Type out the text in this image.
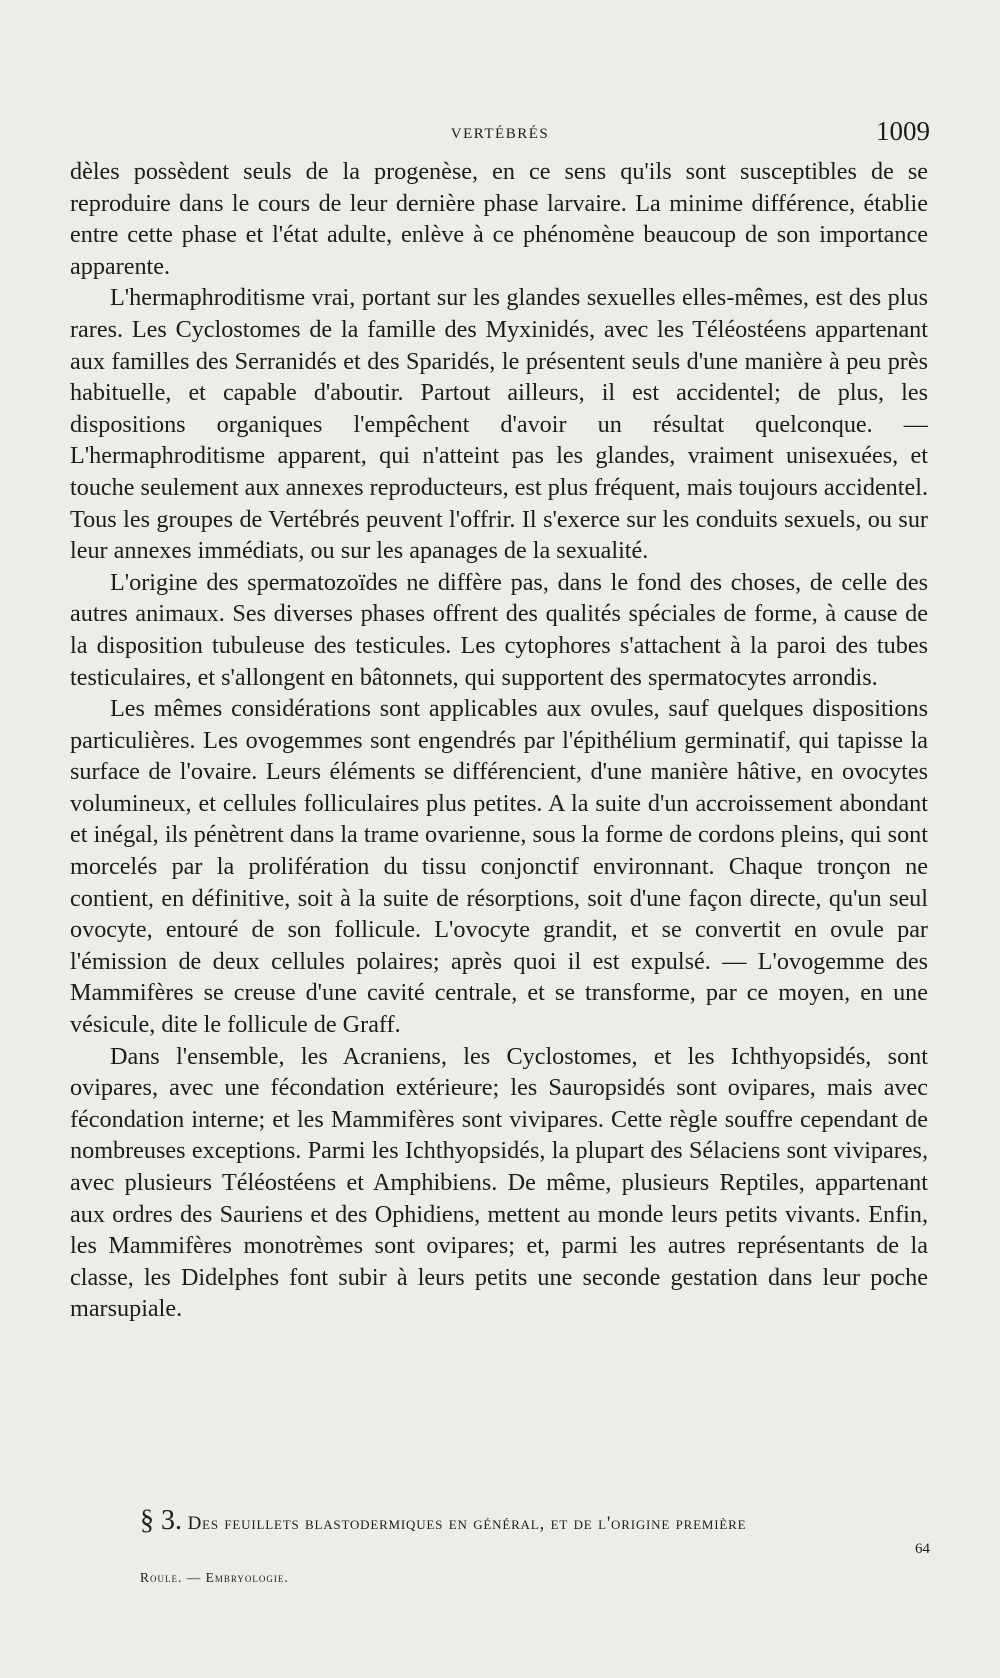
VERTÉBRÉS	1009

dèles possèdent seuls de la progenèse, en ce sens qu'ils sont susceptibles de se reproduire dans le cours de leur dernière phase larvaire. La minime différence, établie entre cette phase et l'état adulte, enlève à ce phénomène beaucoup de son importance apparente.

L'hermaphroditisme vrai, portant sur les glandes sexuelles elles-mêmes, est des plus rares. Les Cyclostomes de la famille des Myxinidés, avec les Téléostéens appartenant aux familles des Serranidés et des Sparidés, le présentent seuls d'une manière à peu près habituelle, et capable d'aboutir. Partout ailleurs, il est accidentel; de plus, les dispositions organiques l'empêchent d'avoir un résultat quelconque. — L'hermaphroditisme apparent, qui n'atteint pas les glandes, vraiment unisexuées, et touche seulement aux annexes reproducteurs, est plus fréquent, mais toujours accidentel. Tous les groupes de Vertébrés peuvent l'offrir. Il s'exerce sur les conduits sexuels, ou sur leur annexes immédiats, ou sur les apanages de la sexualité.

L'origine des spermatozoïdes ne diffère pas, dans le fond des choses, de celle des autres animaux. Ses diverses phases offrent des qualités spéciales de forme, à cause de la disposition tubuleuse des testicules. Les cytophores s'attachent à la paroi des tubes testiculaires, et s'allongent en bâtonnets, qui supportent des spermatocytes arrondis.

Les mêmes considérations sont applicables aux ovules, sauf quelques dispositions particulières. Les ovogemmes sont engendrés par l'épithélium germinatif, qui tapisse la surface de l'ovaire. Leurs éléments se différencient, d'une manière hâtive, en ovocytes volumineux, et cellules folliculaires plus petites. A la suite d'un accroissement abondant et inégal, ils pénètrent dans la trame ovarienne, sous la forme de cordons pleins, qui sont morcelés par la prolifération du tissu conjonctif environnant. Chaque tronçon ne contient, en définitive, soit à la suite de résorptions, soit d'une façon directe, qu'un seul ovocyte, entouré de son follicule. L'ovocyte grandit, et se convertit en ovule par l'émission de deux cellules polaires; après quoi il est expulsé. — L'ovogemme des Mammifères se creuse d'une cavité centrale, et se transforme, par ce moyen, en une vésicule, dite le follicule de Graff.

Dans l'ensemble, les Acraniens, les Cyclostomes, et les Ichthyopsidés, sont ovipares, avec une fécondation extérieure; les Sauropsidés sont ovipares, mais avec fécondation interne; et les Mammifères sont vivipares. Cette règle souffre cependant de nombreuses exceptions. Parmi les Ichthyopsidés, la plupart des Sélaciens sont vivipares, avec plusieurs Téléostéens et Amphibiens. De même, plusieurs Reptiles, appartenant aux ordres des Sauriens et des Ophidiens, mettent au monde leurs petits vivants. Enfin, les Mammifères monotrèmes sont ovipares; et, parmi les autres représentants de la classe, les Didelphes font subir à leurs petits une seconde gestation dans leur poche marsupiale.

§ 3. Des feuillets blastodermiques en général, et de l'origine première
64
Roule. — Embryologie.
